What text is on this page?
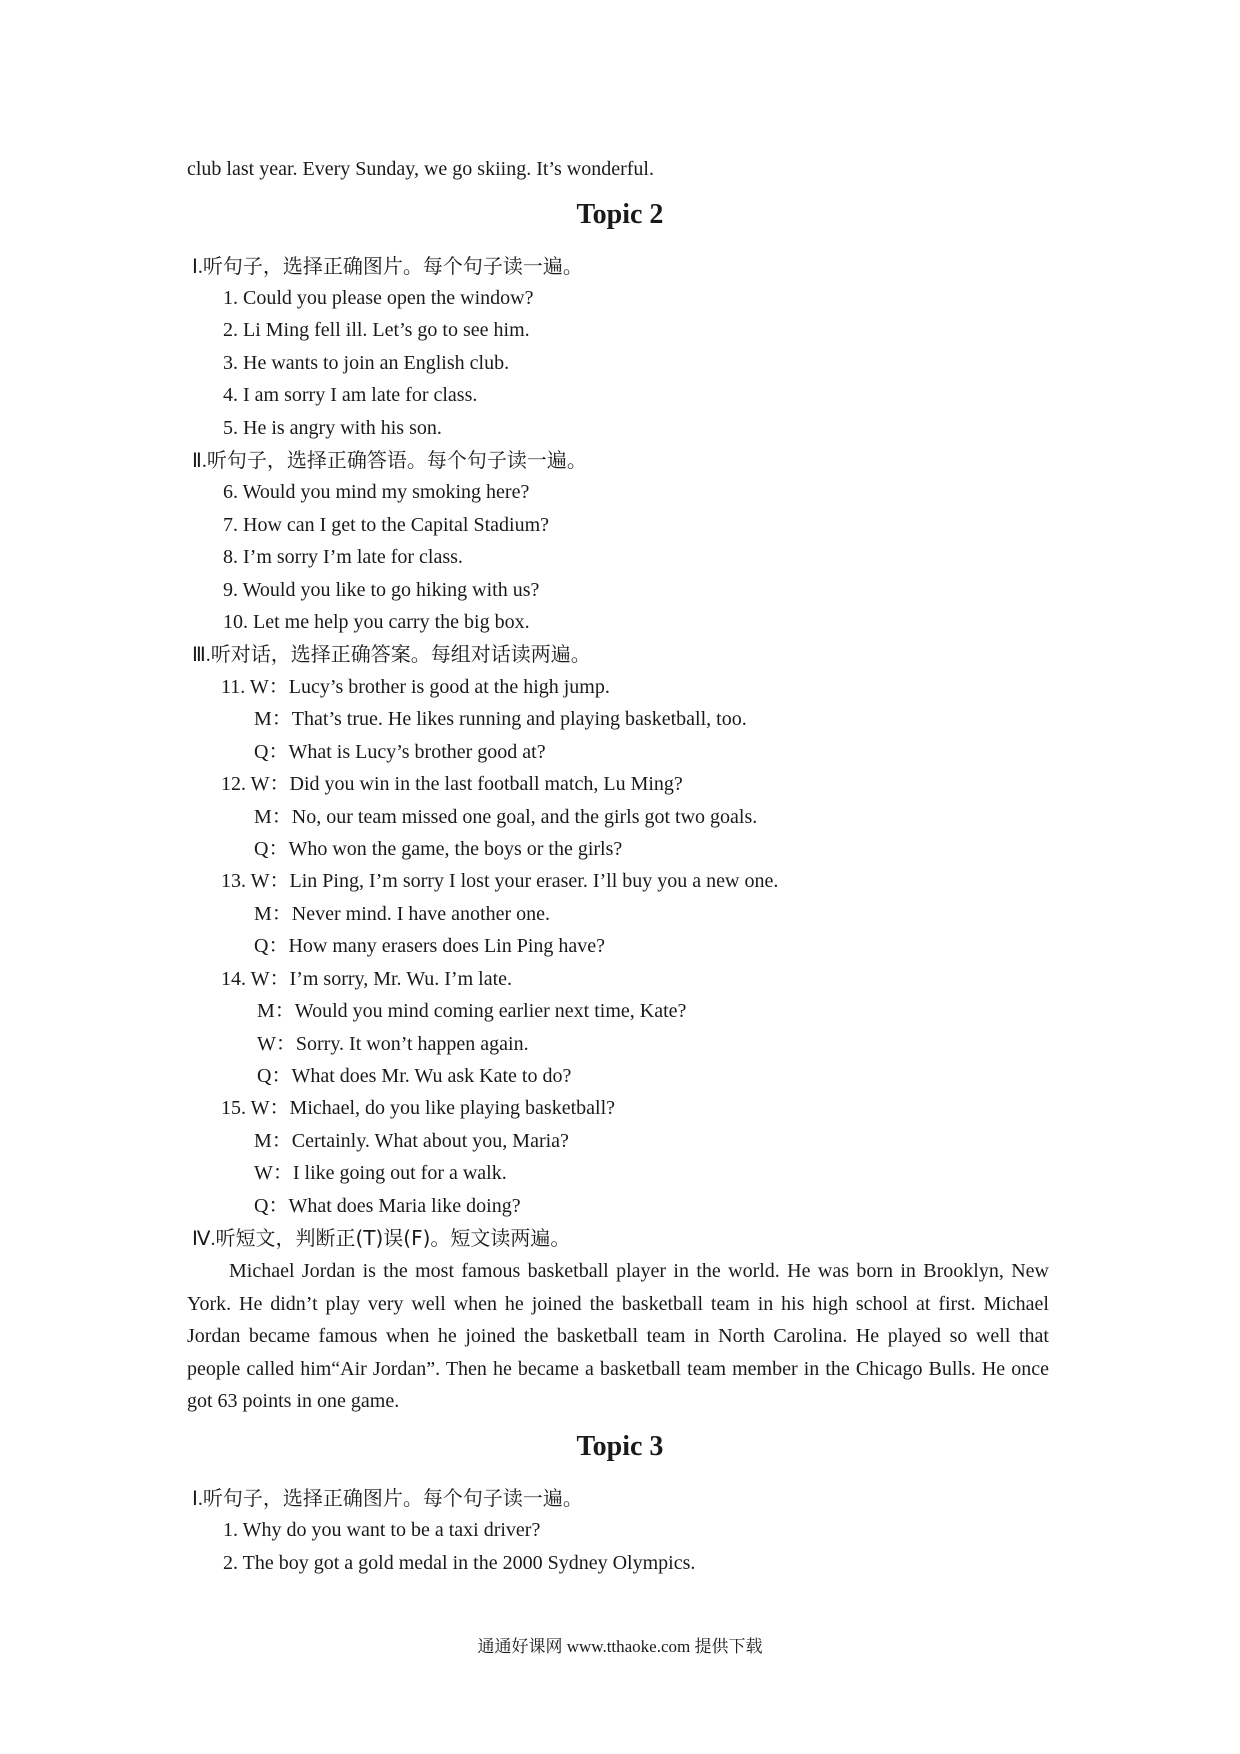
club last year. Every Sunday, we go skiing. It’s wonderful.
Topic 2
Ⅰ.听句子，选择正确图片。每个句子读一遍。
1. Could you please open the window?
2. Li Ming fell ill. Let’s go to see him.
3. He wants to join an English club.
4. I am sorry I am late for class.
5. He is angry with his son.
Ⅱ.听句子，选择正确答语。每个句子读一遍。
6. Would you mind my smoking here?
7. How can I get to the Capital Stadium?
8. I’m sorry I’m late for class.
9. Would you like to go hiking with us?
10. Let me help you carry the big box.
Ⅲ.听对话，选择正确答案。每组对话读两遍。
11. W：Lucy’s brother is good at the high jump.
M：That’s true. He likes running and playing basketball, too.
Q：What is Lucy’s brother good at?
12. W：Did you win in the last football match, Lu Ming?
M：No, our team missed one goal, and the girls got two goals.
Q：Who won the game, the boys or the girls?
13. W：Lin Ping, I’m sorry I lost your eraser. I’ll buy you a new one.
M：Never mind. I have another one.
Q：How many erasers does Lin Ping have?
14. W：I’m sorry, Mr. Wu. I’m late.
M：Would you mind coming earlier next time, Kate?
W：Sorry. It won’t happen again.
Q：What does Mr. Wu ask Kate to do?
15. W：Michael, do you like playing basketball?
M：Certainly. What about you, Maria?
W：I like going out for a walk.
Q：What does Maria like doing?
Ⅳ.听短文，判断正(T)误(F)。短文读两遍。
Michael Jordan is the most famous basketball player in the world. He was born in Brooklyn, New York. He didn’t play very well when he joined the basketball team in his high school at first. Michael Jordan became famous when he joined the basketball team in North Carolina. He played so well that people called him“Air Jordan”. Then he became a basketball team member in the Chicago Bulls. He once got 63 points in one game.
Topic 3
Ⅰ.听句子，选择正确图片。每个句子读一遍。
1. Why do you want to be a taxi driver?
2. The boy got a gold medal in the 2000 Sydney Olympics.
通通好课网 www.tthaoke.com 提供下载
